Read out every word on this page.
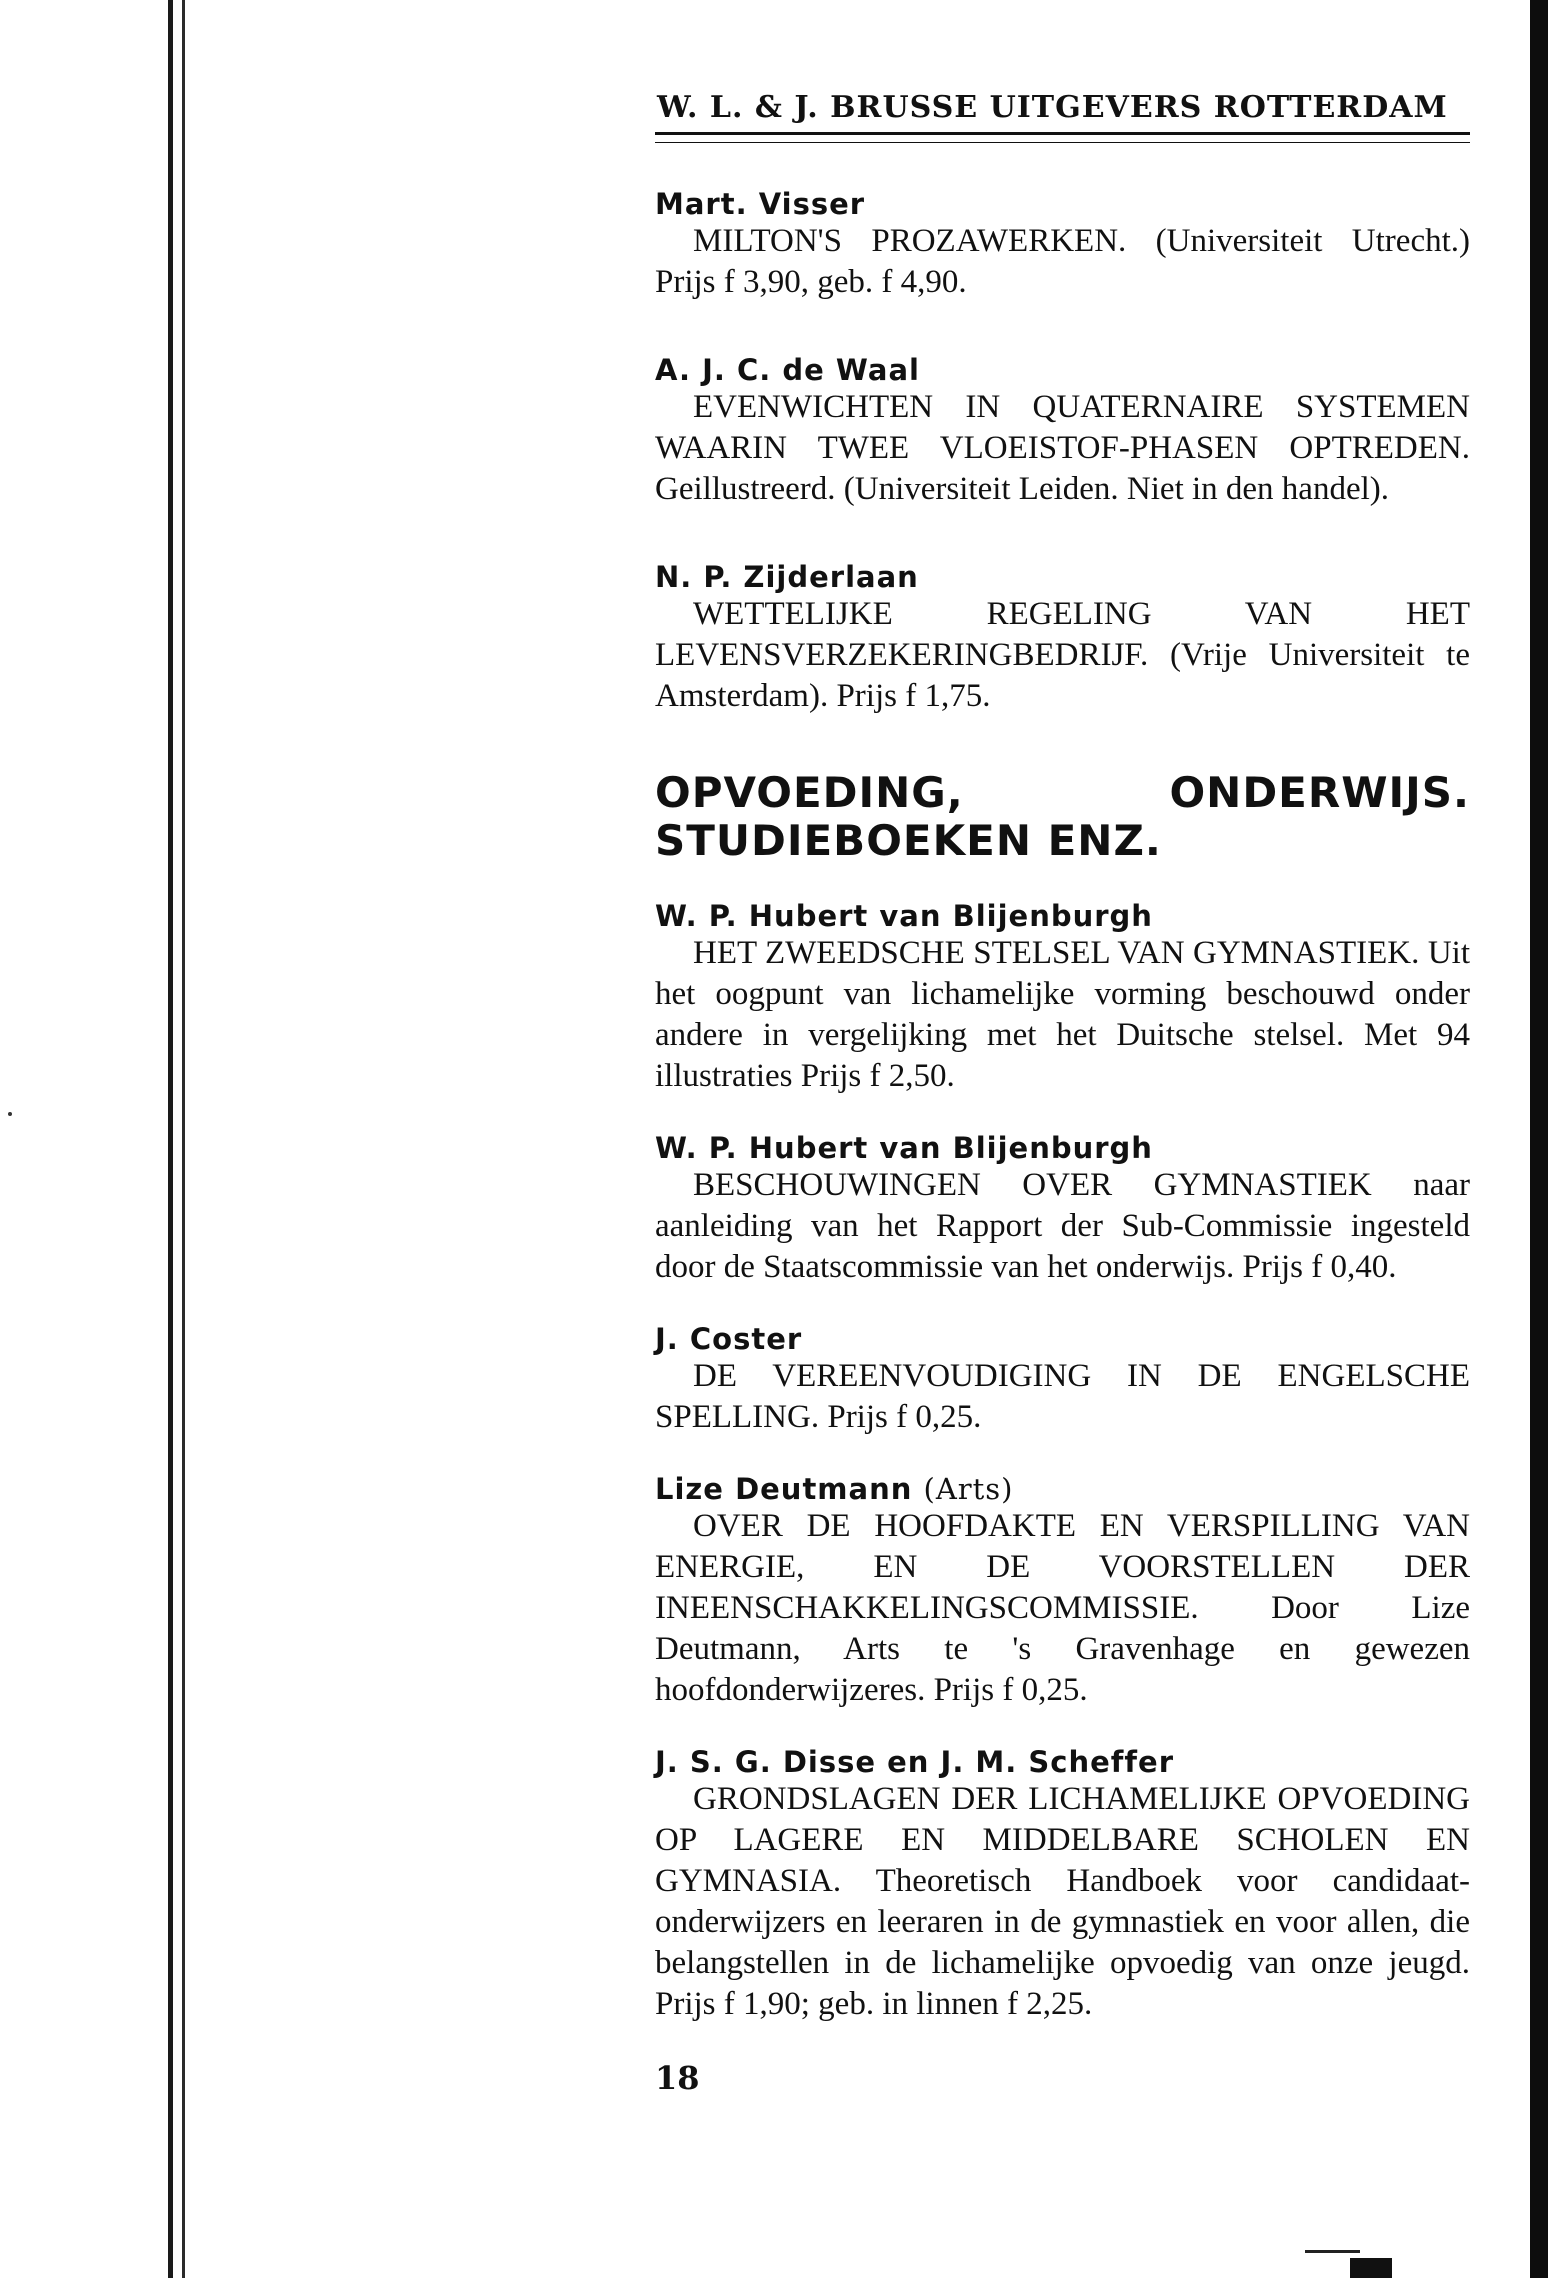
W. L. & J. BRUSSE UITGEVERS ROTTERDAM
Mart. Visser
MILTON'S PROZAWERKEN. (Universiteit Utrecht.) Prijs f 3,90, geb. f 4,90.
A. J. C. de Waal
EVENWICHTEN IN QUATERNAIRE SYSTEMEN WAARIN TWEE VLOEISTOF-PHASEN OPTREDEN. Geillustreerd. (Universiteit Leiden. Niet in den handel).
N. P. Zijderlaan
WETTELIJKE REGELING VAN HET LEVENSVERZEKERINGBEDRIJF. (Vrije Universiteit te Amsterdam). Prijs f 1,75.
OPVOEDING, ONDERWIJS. STUDIEBOEKEN ENZ.
W. P. Hubert van Blijenburgh
HET ZWEEDSCHE STELSEL VAN GYMNASTIEK. Uit het oogpunt van lichamelijke vorming beschouwd onder andere in vergelijking met het Duitsche stelsel. Met 94 illustraties Prijs f 2,50.
W. P. Hubert van Blijenburgh
BESCHOUWINGEN OVER GYMNASTIEK naar aanleiding van het Rapport der Sub-Commissie ingesteld door de Staatscommissie van het onderwijs. Prijs f 0,40.
J. Coster
DE VEREENVOUDIGING IN DE ENGELSCHE SPELLING. Prijs f 0,25.
Lize Deutmann (Arts)
OVER DE HOOFDAKTE EN VERSPILLING VAN ENERGIE, EN DE VOORSTELLEN DER INEENSCHAKKELINGSCOMMISSIE. Door Lize Deutmann, Arts te 's Gravenhage en gewezen hoofdonderwijzeres. Prijs f 0,25.
J. S. G. Disse en J. M. Scheffer
GRONDSLAGEN DER LICHAMELIJKE OPVOEDING OP LAGERE EN MIDDELBARE SCHOLEN EN GYMNASIA. Theoretisch Handboek voor candidaat-onderwijzers en leeraren in de gymnastiek en voor allen, die belangstellen in de lichamelijke opvoedig van onze jeugd. Prijs f 1,90; geb. in linnen f 2,25.
18
